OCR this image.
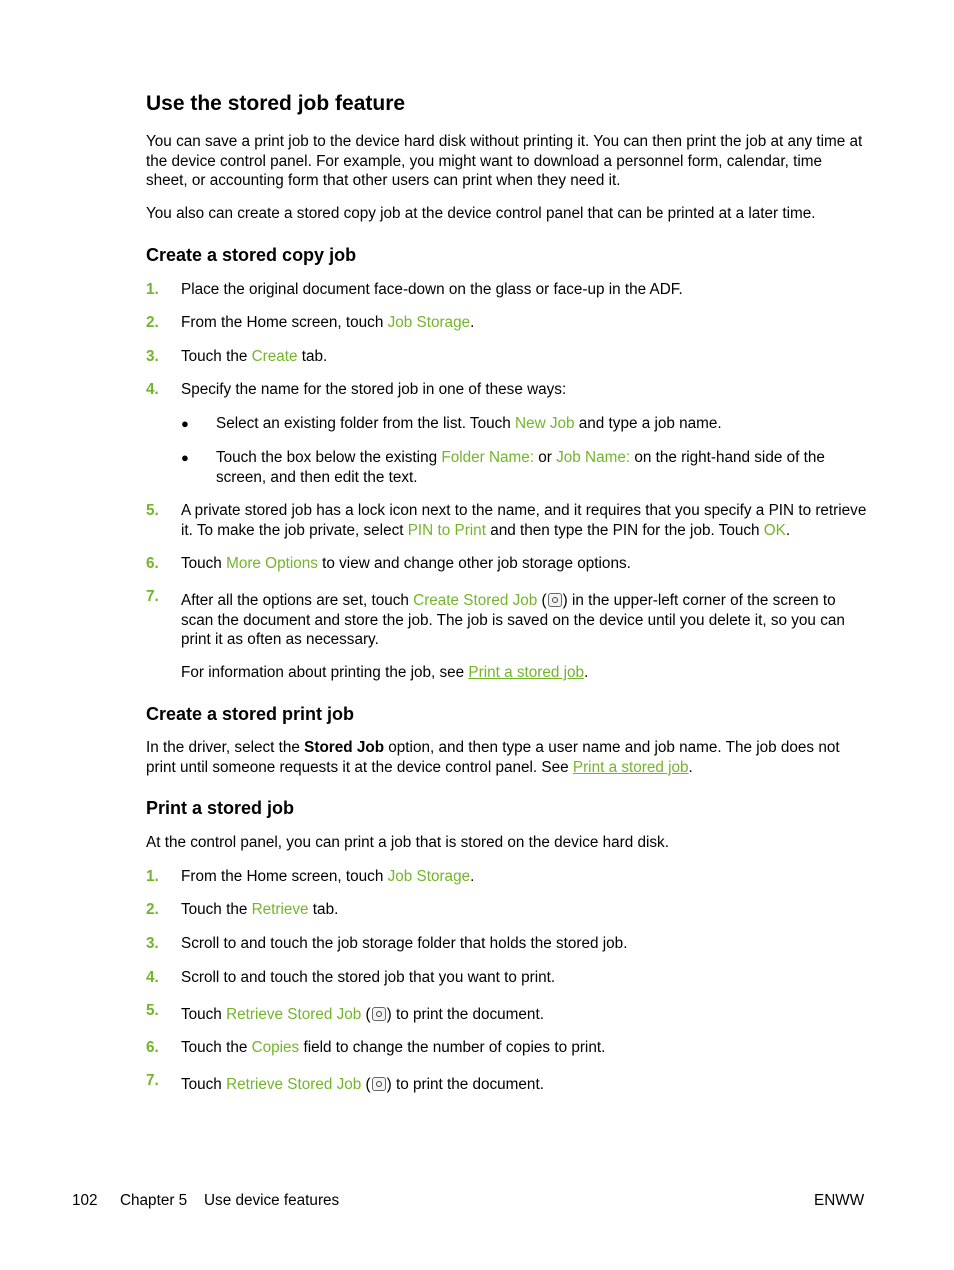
Use the stored job feature
You can save a print job to the device hard disk without printing it. You can then print the job at any time at the device control panel. For example, you might want to download a personnel form, calendar, time sheet, or accounting form that other users can print when they need it.
You also can create a stored copy job at the device control panel that can be printed at a later time.
Create a stored copy job
1. Place the original document face-down on the glass or face-up in the ADF.
2. From the Home screen, touch Job Storage.
3. Touch the Create tab.
4. Specify the name for the stored job in one of these ways:
● Select an existing folder from the list. Touch New Job and type a job name.
● Touch the box below the existing Folder Name: or Job Name: on the right-hand side of the screen, and then edit the text.
5. A private stored job has a lock icon next to the name, and it requires that you specify a PIN to retrieve it. To make the job private, select PIN to Print and then type the PIN for the job. Touch OK.
6. Touch More Options to view and change other job storage options.
7. After all the options are set, touch Create Stored Job ( ) in the upper-left corner of the screen to scan the document and store the job. The job is saved on the device until you delete it, so you can print it as often as necessary.
For information about printing the job, see Print a stored job.
Create a stored print job
In the driver, select the Stored Job option, and then type a user name and job name. The job does not print until someone requests it at the device control panel. See Print a stored job.
Print a stored job
At the control panel, you can print a job that is stored on the device hard disk.
1. From the Home screen, touch Job Storage.
2. Touch the Retrieve tab.
3. Scroll to and touch the job storage folder that holds the stored job.
4. Scroll to and touch the stored job that you want to print.
5. Touch Retrieve Stored Job ( ) to print the document.
6. Touch the Copies field to change the number of copies to print.
7. Touch Retrieve Stored Job ( ) to print the document.
102 Chapter 5 Use device features	ENWW
